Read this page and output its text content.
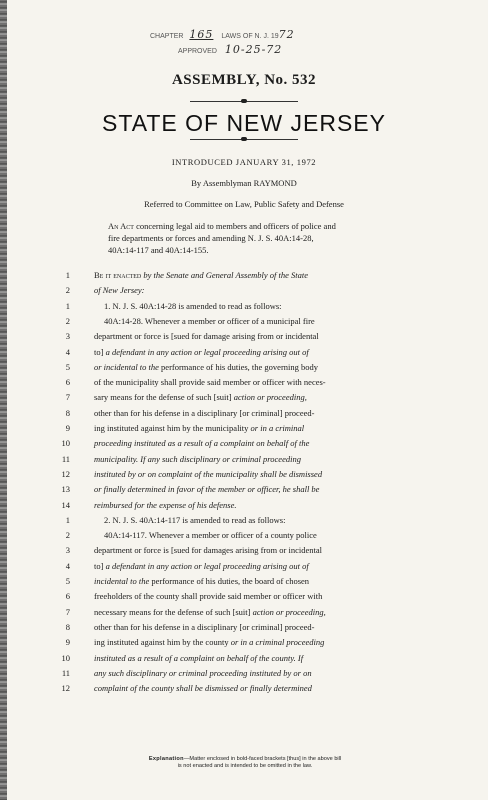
CHAPTER 165 LAWS OF N. J. 1972
APPROVED 10-25-72
ASSEMBLY, No. 532
STATE OF NEW JERSEY
INTRODUCED JANUARY 31, 1972
By Assemblyman RAYMOND
Referred to Committee on Law, Public Safety and Defense
An Act concerning legal aid to members and officers of police and
fire departments or forces and amending N. J. S. 40A:14-28,
40A:14-117 and 40A:14-155.
1	Be it enacted by the Senate and General Assembly of the State
2	of New Jersey:
1	1. N. J. S. 40A:14-28 is amended to read as follows:
2	40A:14-28. Whenever a member or officer of a municipal fire
3	department or force is [sued for damage arising from or incidental
4	to] a defendant in any action or legal proceeding arising out of
5	or incidental to the performance of his duties, the governing body
6	of the municipality shall provide said member or officer with neces-
7	sary means for the defense of such [suit] action or proceeding,
8	other than for his defense in a disciplinary [or criminal] proceed-
9	ing instituted against him by the municipality or in a criminal
10	proceeding instituted as a result of a complaint on behalf of the
11	municipality. If any such disciplinary or criminal proceeding
12	instituted by or on complaint of the municipality shall be dismissed
13	or finally determined in favor of the member or officer, he shall be
14	reimbursed for the expense of his defense.
1	2. N. J. S. 40A:14-117 is amended to read as follows:
2	40A:14-117. Whenever a member or officer of a county police
3	department or force is [sued for damages arising from or incidental
4	to] a defendant in any action or legal proceeding arising out of
5	incidental to the performance of his duties, the board of chosen
6	freeholders of the county shall provide said member or officer with
7	necessary means for the defense of such [suit] action or proceeding,
8	other than for his defense in a disciplinary [or criminal] proceed-
9	ing instituted against him by the county or in a criminal proceeding
10	instituted as a result of a complaint on behalf of the county. If
11	any such disciplinary or criminal proceeding instituted by or on
12	complaint of the county shall be dismissed or finally determined
Explanation—Matter enclosed in bold-faced brackets [thus] in the above bill
is not enacted and is intended to be omitted in the law.
